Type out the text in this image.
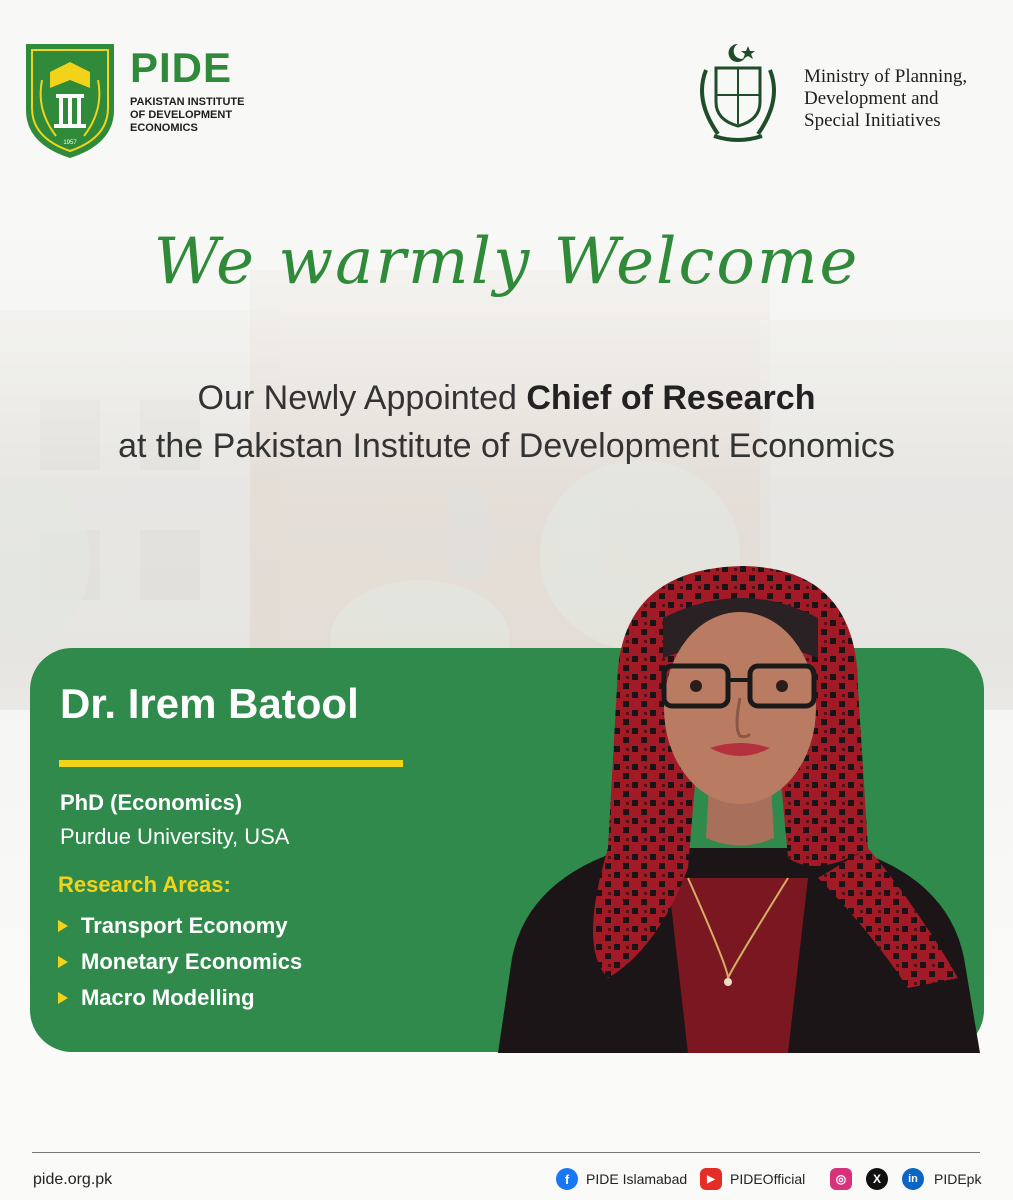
1957
PIDE
PAKISTAN INSTITUTE OF DEVELOPMENT ECONOMICS
Ministry of Planning,
Development and
Special Initiatives
We warmly Welcome
Our Newly Appointed Chief of Research
at the Pakistan Institute of Development Economics
Dr. Irem Batool
PhD (Economics)
Purdue University, USA
Research Areas:
Transport Economy
Monetary Economics
Macro Modelling
pide.org.pk	f	PIDE Islamabad	▶	PIDEOfficial	◎	X	in	PIDEpk
